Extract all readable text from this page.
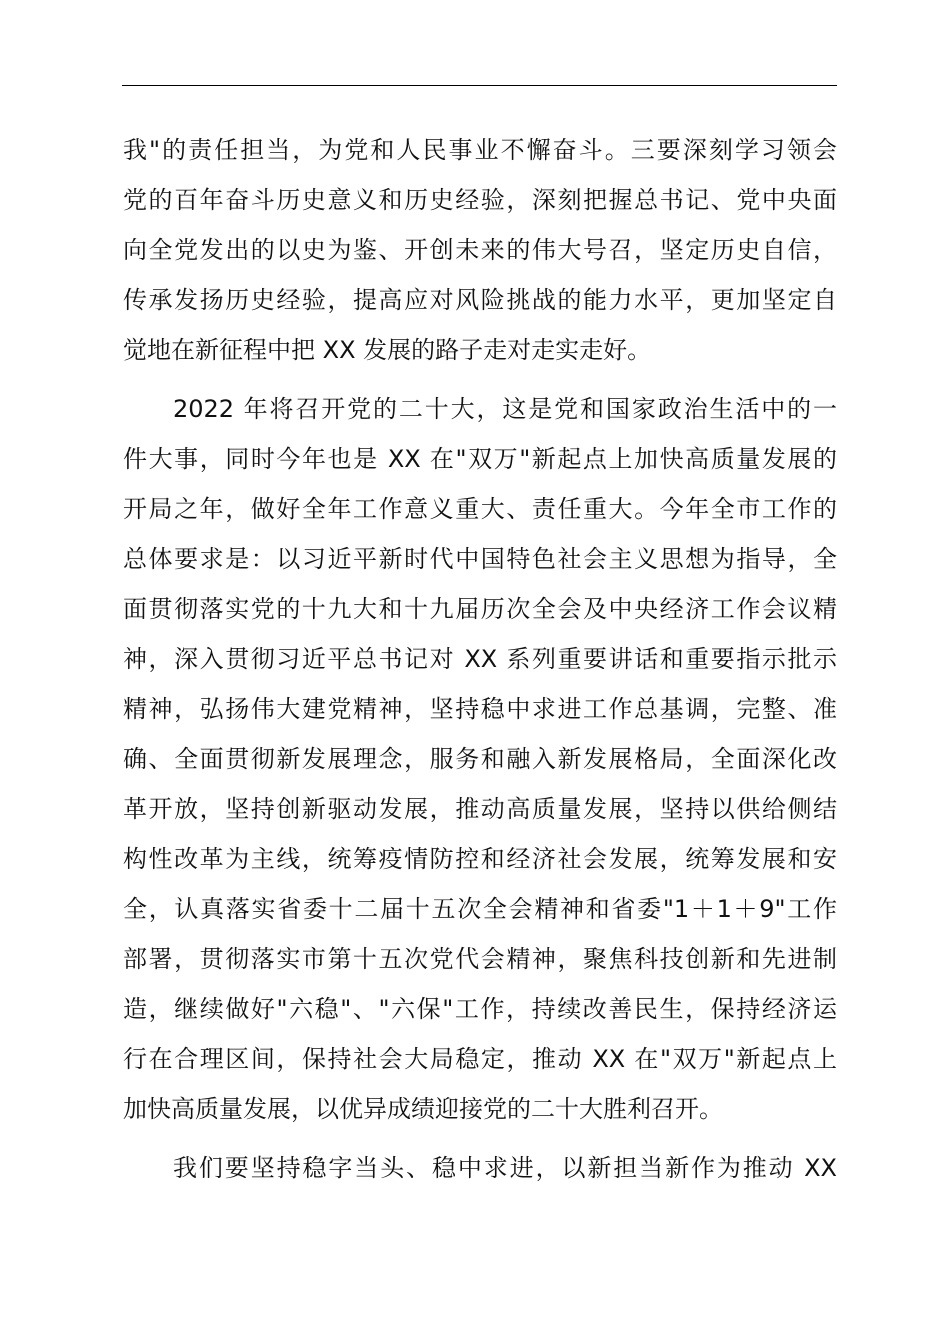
我"的责任担当，为党和人民事业不懈奋斗。三要深刻学习领会
党的百年奋斗历史意义和历史经验，深刻把握总书记、党中央面
向全党发出的以史为鉴、开创未来的伟大号召，坚定历史自信，
传承发扬历史经验，提高应对风险挑战的能力水平，更加坚定自
觉地在新征程中把 XX 发展的路子走对走实走好。
2022 年将召开党的二十大，这是党和国家政治生活中的一
件大事，同时今年也是 XX 在"双万"新起点上加快高质量发展的
开局之年，做好全年工作意义重大、责任重大。今年全市工作的
总体要求是：以习近平新时代中国特色社会主义思想为指导，全
面贯彻落实党的十九大和十九届历次全会及中央经济工作会议精
神，深入贯彻习近平总书记对 XX 系列重要讲话和重要指示批示
精神，弘扬伟大建党精神，坚持稳中求进工作总基调，完整、准
确、全面贯彻新发展理念，服务和融入新发展格局，全面深化改
革开放，坚持创新驱动发展，推动高质量发展，坚持以供给侧结
构性改革为主线，统筹疫情防控和经济社会发展，统筹发展和安
全，认真落实省委十二届十五次全会精神和省委"1＋1＋9"工作
部署，贯彻落实市第十五次党代会精神，聚焦科技创新和先进制
造，继续做好"六稳"、"六保"工作，持续改善民生，保持经济运
行在合理区间，保持社会大局稳定，推动 XX 在"双万"新起点上
加快高质量发展，以优异成绩迎接党的二十大胜利召开。
我们要坚持稳字当头、稳中求进，以新担当新作为推动 XX
